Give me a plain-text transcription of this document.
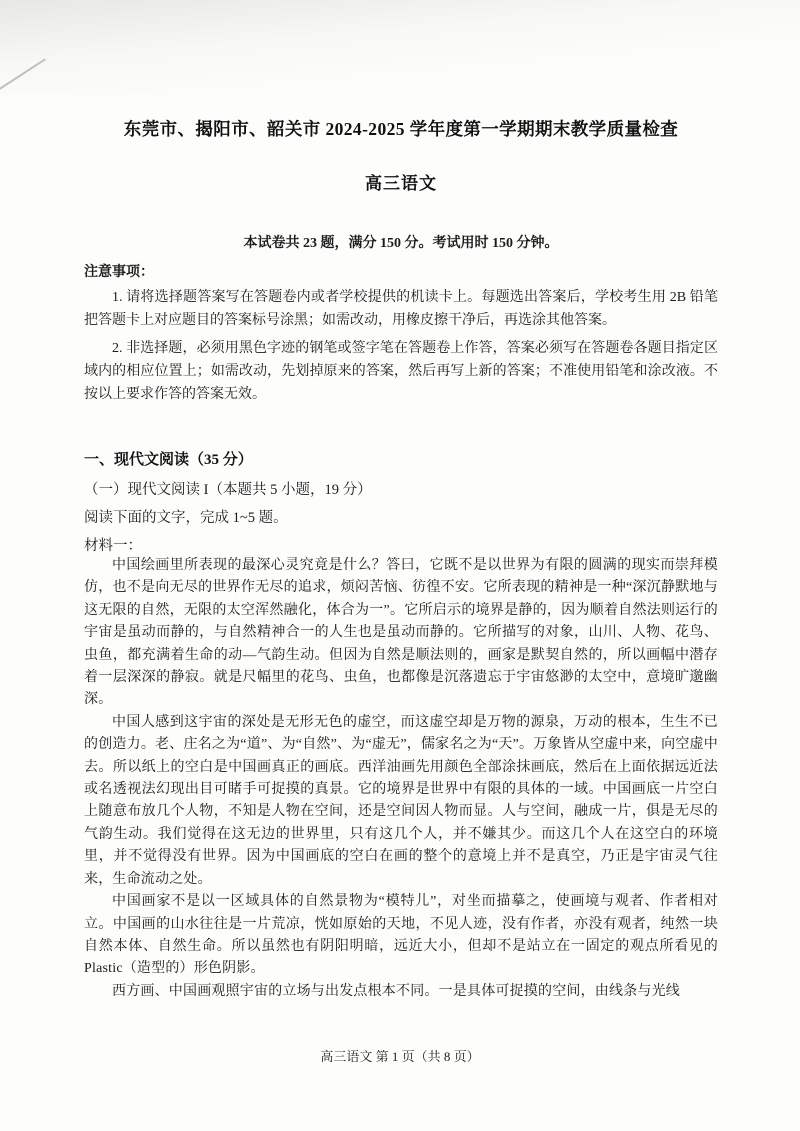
东莞市、揭阳市、韶关市 2024-2025 学年度第一学期期末教学质量检查
高三语文

本试卷共 23 题，满分 150 分。考试用时 150 分钟。

注意事项：

1. 请将选择题答案写在答题卷内或者学校提供的机读卡上。每题选出答案后，学校考生用 2B 铅笔把答题卡上对应题目的答案标号涂黑；如需改动，用橡皮擦干净后，再选涂其他答案。

2. 非选择题，必须用黑色字迹的钢笔或签字笔在答题卷上作答，答案必须写在答题卷各题目指定区域内的相应位置上；如需改动，先划掉原来的答案，然后再写上新的答案；不准使用铅笔和涂改液。不按以上要求作答的答案无效。

一、现代文阅读（35 分）

（一）现代文阅读 I（本题共 5 小题，19 分）

阅读下面的文字，完成 1~5 题。

材料一：

中国绘画里所表现的最深心灵究竟是什么？答曰，它既不是以世界为有限的圆满的现实而崇拜模仿，也不是向无尽的世界作无尽的追求，烦闷苦恼、彷徨不安。它所表现的精神是一种“深沉静默地与这无限的自然，无限的太空浑然融化，体合为一”。它所启示的境界是静的，因为顺着自然法则运行的宇宙是虽动而静的，与自然精神合一的人生也是虽动而静的。它所描写的对象，山川、人物、花鸟、虫鱼，都充满着生命的动—气韵生动。但因为自然是顺法则的，画家是默契自然的，所以画幅中潜存着一层深深的静寂。就是尺幅里的花鸟、虫鱼，也都像是沉落遗忘于宇宙悠渺的太空中，意境旷邈幽深。

中国人感到这宇宙的深处是无形无色的虚空，而这虚空却是万物的源泉，万动的根本，生生不已的创造力。老、庄名之为“道”、为“自然”、为“虚无”，儒家名之为“天”。万象皆从空虚中来，向空虚中去。所以纸上的空白是中国画真正的画底。西洋油画先用颜色全部涂抹画底，然后在上面依据远近法或名透视法幻现出目可睹手可捉摸的真景。它的境界是世界中有限的具体的一域。中国画底一片空白上随意布放几个人物，不知是人物在空间，还是空间因人物而显。人与空间，融成一片，俱是无尽的气韵生动。我们觉得在这无边的世界里，只有这几个人，并不嫌其少。而这几个人在这空白的环境里，并不觉得没有世界。因为中国画底的空白在画的整个的意境上并不是真空，乃正是宇宙灵气往来，生命流动之处。

中国画家不是以一区域具体的自然景物为“模特儿”，对坐而描摹之，使画境与观者、作者相对立。中国画的山水往往是一片荒凉，恍如原始的天地，不见人迹，没有作者，亦没有观者，纯然一块自然本体、自然生命。所以虽然也有阴阳明暗，远近大小，但却不是站立在一固定的观点所看见的 Plastic（造型的）形色阴影。

西方画、中国画观照宇宙的立场与出发点根本不同。一是具体可捉摸的空间，由线条与光线

高三语文 第 1 页（共 8 页）
